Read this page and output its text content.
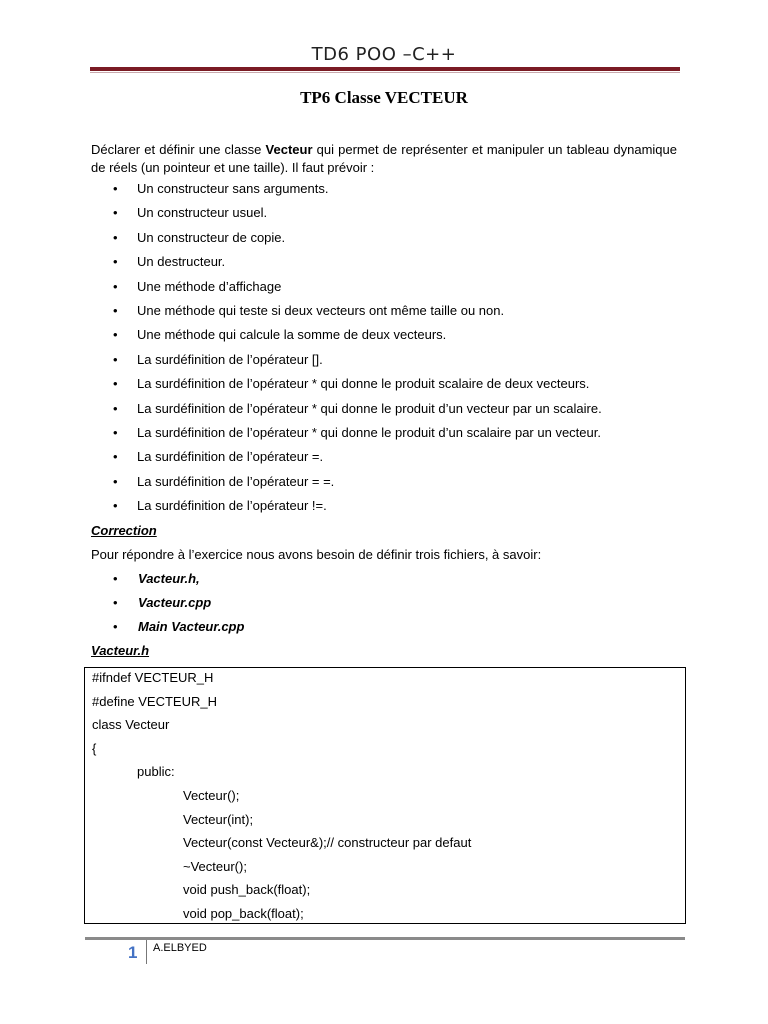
TD6 POO –C++
TP6 Classe VECTEUR
Déclarer et définir une classe Vecteur qui permet de représenter et manipuler un tableau dynamique de réels (un pointeur et une taille). Il faut prévoir :
• Un constructeur sans arguments.
• Un constructeur usuel.
• Un constructeur de copie.
• Un destructeur.
• Une méthode d’affichage
• Une méthode qui teste si deux vecteurs ont même taille ou non.
• Une méthode qui calcule la somme de deux vecteurs.
• La surdéfinition de l’opérateur [].
• La surdéfinition de l’opérateur * qui donne le produit scalaire de deux vecteurs.
• La surdéfinition de l’opérateur * qui donne le produit d’un vecteur par un scalaire.
• La surdéfinition de l’opérateur * qui donne le produit d’un scalaire par un vecteur.
• La surdéfinition de l’opérateur =.
• La surdéfinition de l’opérateur = =.
• La surdéfinition de l’opérateur !=.
Correction
Pour répondre à l’exercice nous avons besoin de définir trois fichiers, à savoir:
• Vacteur.h,
• Vacteur.cpp
• Main Vacteur.cpp
Vacteur.h
#ifndef VECTEUR_H
#define VECTEUR_H
class Vecteur
{
public:
Vecteur();
Vecteur(int);
Vecteur(const Vecteur&);// constructeur par defaut
~Vecteur();
void push_back(float);
void pop_back(float);
1 A.ELBYED
